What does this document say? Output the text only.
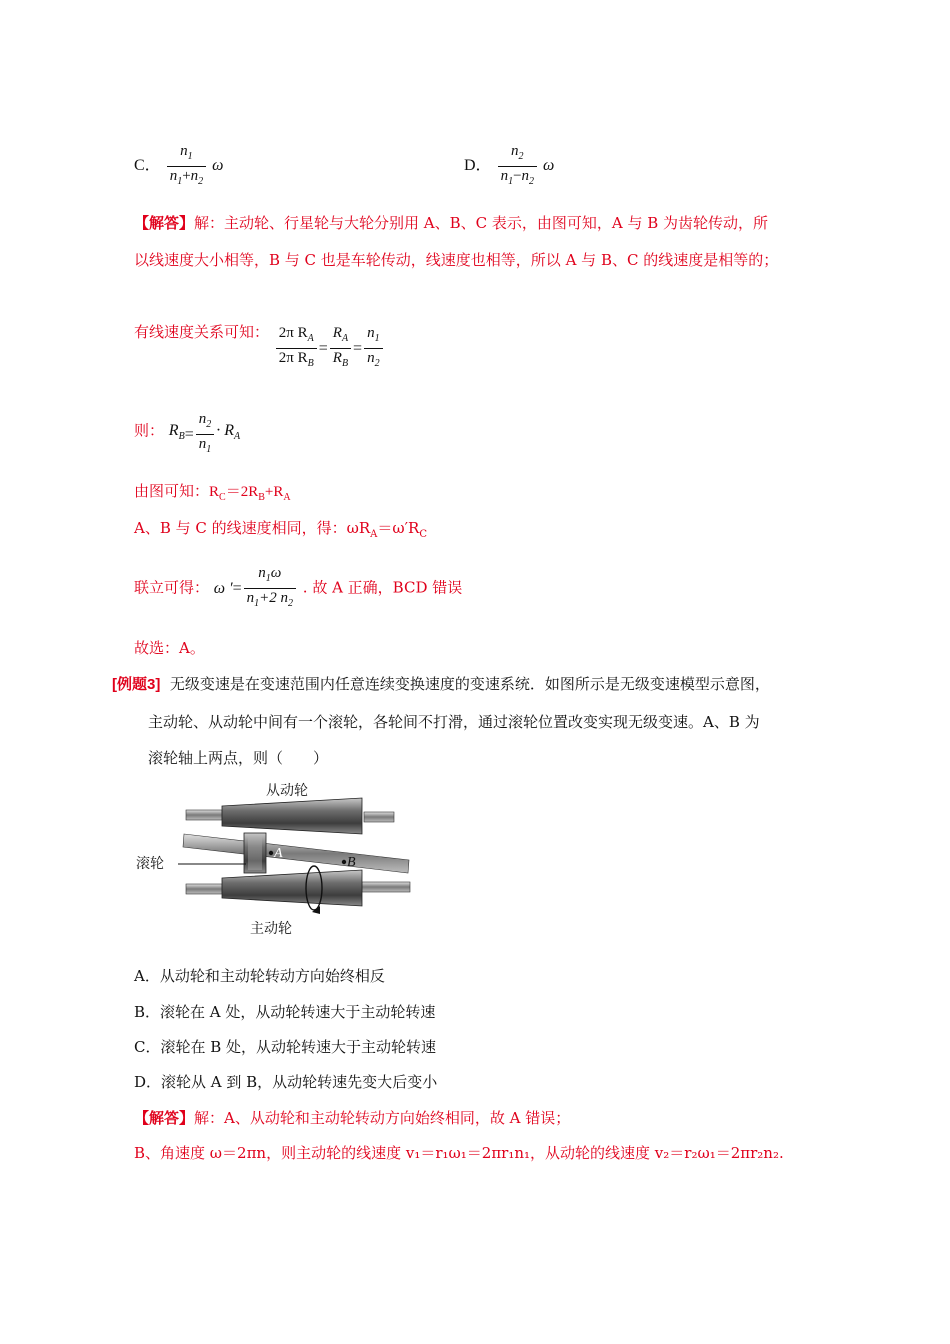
C． $\frac{n_1}{n_1+n_2}$ ω	D． $\frac{n_2}{n_1-n_2}$ ω
【解答】解：主动轮、行星轮与大轮分别用 A、B、C 表示，由图可知，A 与 B 为齿轮传动，所
以线速度大小相等，B 与 C 也是车轮传动，线速度也相等，所以 A 与 B、C 的线速度是相等的；
有线速度关系可知： $\frac{2\pi R_A}{2\pi R_B} = \frac{R_A}{R_B} = \frac{n_1}{n_2}$
则： $R_B = \frac{n_2}{n_1} \cdot R_A$
由图可知：$R_C=2R_B+R_A$
A、B 与 C 的线速度相同，得：$\omega R_A=\omega'R_C$
联立可得： ω ′ = $\frac{n_1\omega}{n_1+2 n_2}$ . 故 A 正确，BCD 错误
故选：A。
[例题3] 无级变速是在变速范围内任意连续变换速度的变速系统．如图所示是无级变速模型示意图，
主动轮、从动轮中间有一个滚轮，各轮间不打滑，通过滚轮位置改变实现无级变速。A、B 为
滚轮轴上两点，则（　　）
从动轮
滚轮
主动轮
A
B
A．从动轮和主动轮转动方向始终相反
B．滚轮在 A 处，从动轮转速大于主动轮转速
C．滚轮在 B 处，从动轮转速大于主动轮转速
D．滚轮从 A 到 B，从动轮转速先变大后变小
【解答】解：A、从动轮和主动轮转动方向始终相同，故 A 错误；
B、角速度 ω＝2πn，则主动轮的线速度 v₁＝r₁ω₁＝2πr₁n₁，从动轮的线速度 v₂＝r₂ω₁＝2πr₂n₂.
